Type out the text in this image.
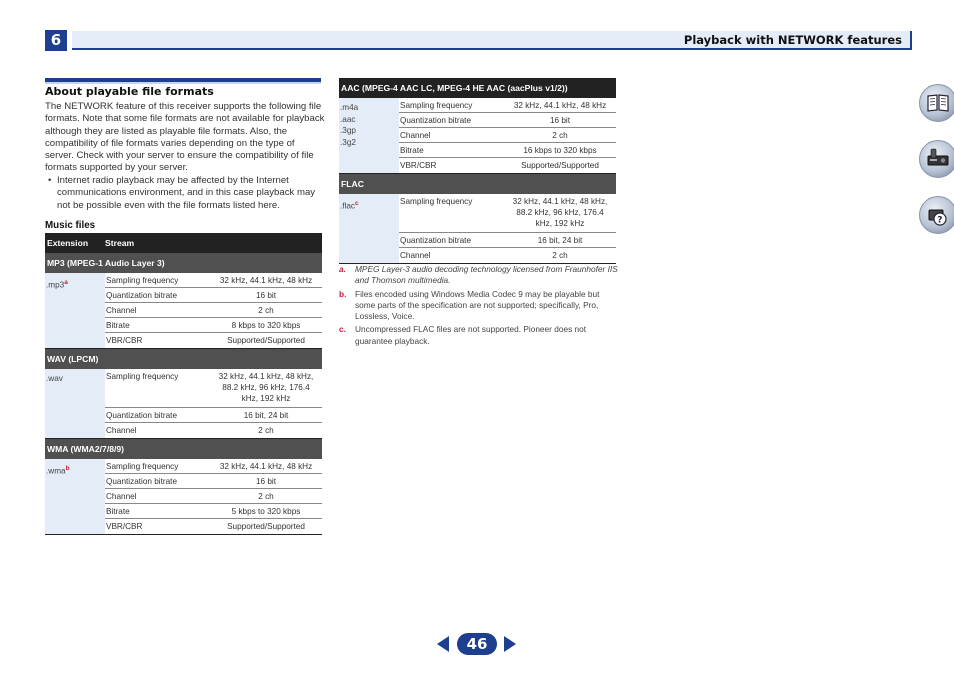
6	Playback with NETWORK features
About playable file formats
The NETWORK feature of this receiver supports the following file formats. Note that some file formats are not available for playback although they are listed as playable file formats. Also, the compatibility of file formats varies depending on the type of server. Check with your server to ensure the compatibility of file formats supported by your server.
• Internet radio playback may be affected by the Internet communications environment, and in this case playback may not be possible even with the file formats listed here.
Music files
Extension	Stream
MP3 (MPEG-1 Audio Layer 3)
.mp3$^a$	Sampling frequency	32 kHz, 44.1 kHz, 48 kHz
Quantization bitrate	16 bit
Channel	2 ch
Bitrate	8 kbps to 320 kbps
VBR/CBR	Supported/Supported
WAV (LPCM)
.wav	Sampling frequency	32 kHz, 44.1 kHz, 48 kHz, 88.2 kHz, 96 kHz, 176.4 kHz, 192 kHz
Quantization bitrate	16 bit, 24 bit
Channel	2 ch
WMA (WMA2/7/8/9)
.wma$^b$	Sampling frequency	32 kHz, 44.1 kHz, 48 kHz
Quantization bitrate	16 bit
Channel	2 ch
Bitrate	5 kbps to 320 kbps
VBR/CBR	Supported/Supported
AAC (MPEG-4 AAC LC, MPEG-4 HE AAC (aacPlus v1/2))
.m4a
.aac
.3gp
.3g2
Sampling frequency	32 kHz, 44.1 kHz, 48 kHz
Quantization bitrate	16 bit
Channel	2 ch
Bitrate	16 kbps to 320 kbps
VBR/CBR	Supported/Supported
FLAC
.flac$^c$	Sampling frequency	32 kHz, 44.1 kHz, 48 kHz, 88.2 kHz, 96 kHz, 176.4 kHz, 192 kHz
Quantization bitrate	16 bit, 24 bit
Channel	2 ch
a. MPEG Layer-3 audio decoding technology licensed from Fraunhofer IIS and Thomson multimedia.
b. Files encoded using Windows Media Codec 9 may be playable but some parts of the specification are not supported; specifically, Pro, Lossless, Voice.
c. Uncompressed FLAC files are not supported. Pioneer does not guarantee playback.
?
46
